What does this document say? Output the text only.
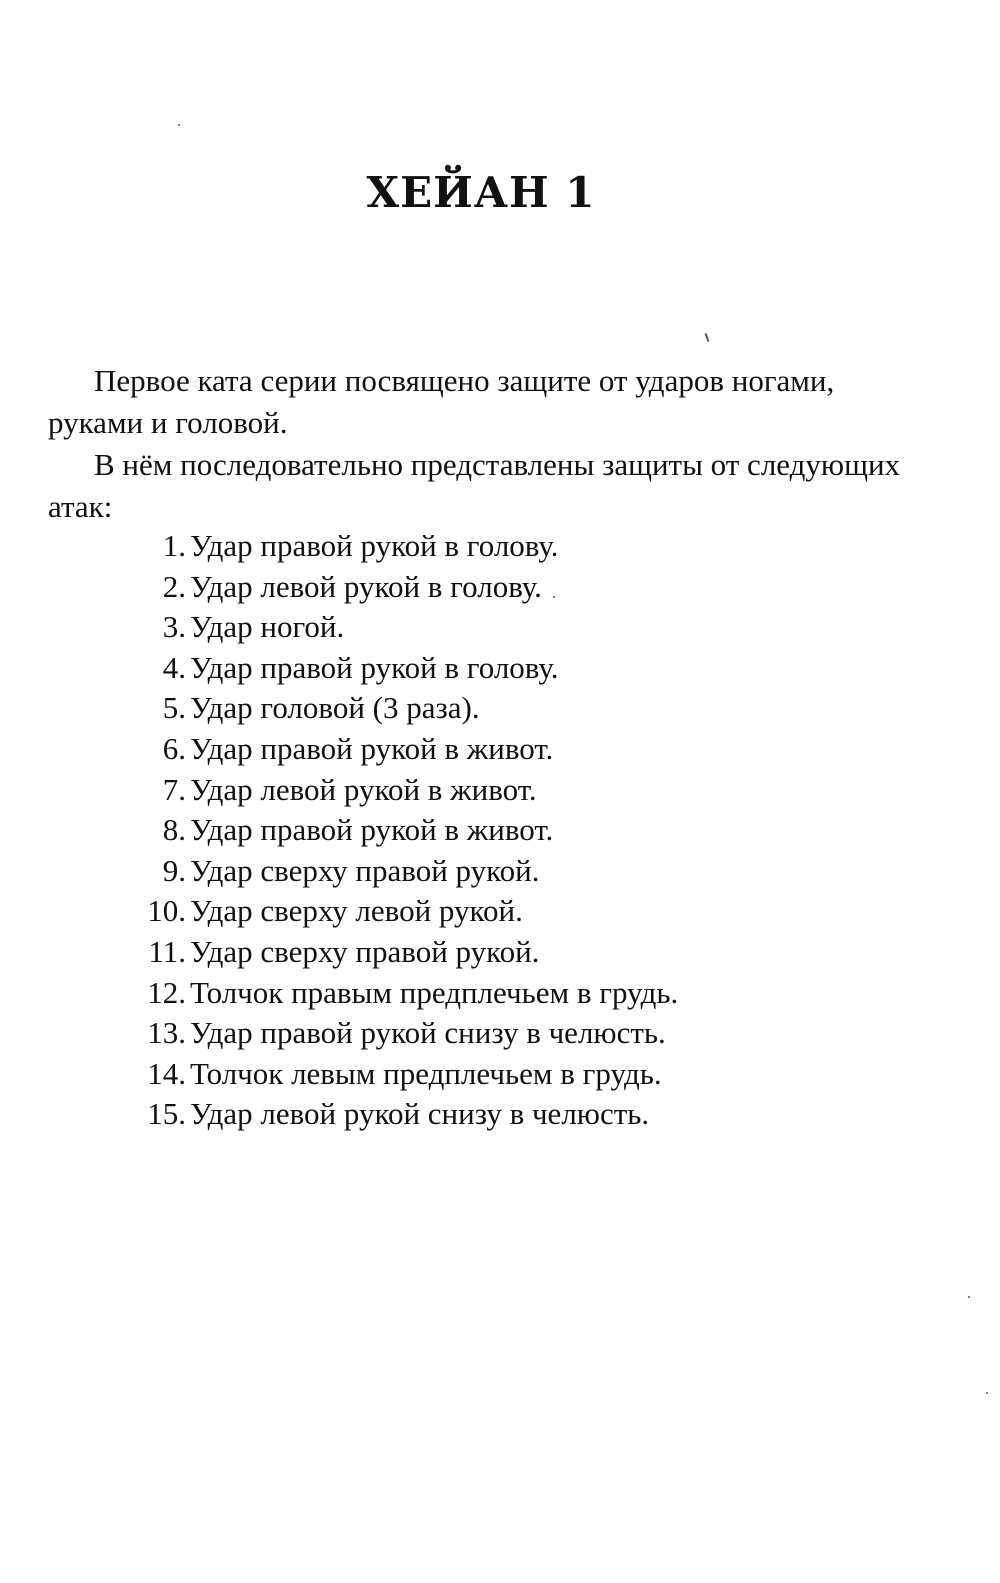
ХЕЙАН 1

Первое ката серии посвящено защите от ударов ногами, руками и головой.

В нём последовательно представлены защиты от следующих атак:

1. Удар правой рукой в голову.
2. Удар левой рукой в голову.
3. Удар ногой.
4. Удар правой рукой в голову.
5. Удар головой (3 раза).
6. Удар правой рукой в живот.
7. Удар левой рукой в живот.
8. Удар правой рукой в живот.
9. Удар сверху правой рукой.
10. Удар сверху левой рукой.
11. Удар сверху правой рукой.
12. Толчок правым предплечьем в грудь.
13. Удар правой рукой снизу в челюсть.
14. Толчок левым предплечьем в грудь.
15. Удар левой рукой снизу в челюсть.
